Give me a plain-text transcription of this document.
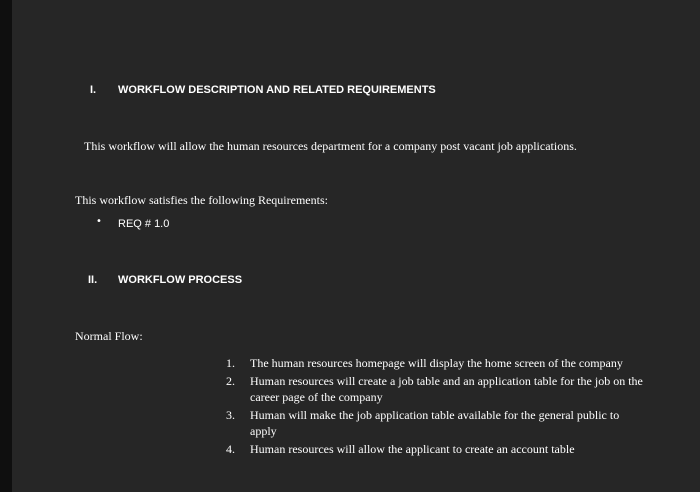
I. WORKFLOW DESCRIPTION AND RELATED REQUIREMENTS
This workflow will allow the human resources department for a company post vacant job applications.
This workflow satisfies the following Requirements:
• REQ # 1.0
II. WORKFLOW PROCESS
Normal Flow:
1. The human resources homepage will display the home screen of the company
2. Human resources will create a job table and an application table for the job on the career page of the company
3. Human will make the job application table available for the general public to apply
4. Human resources will allow the applicant to create an account table
